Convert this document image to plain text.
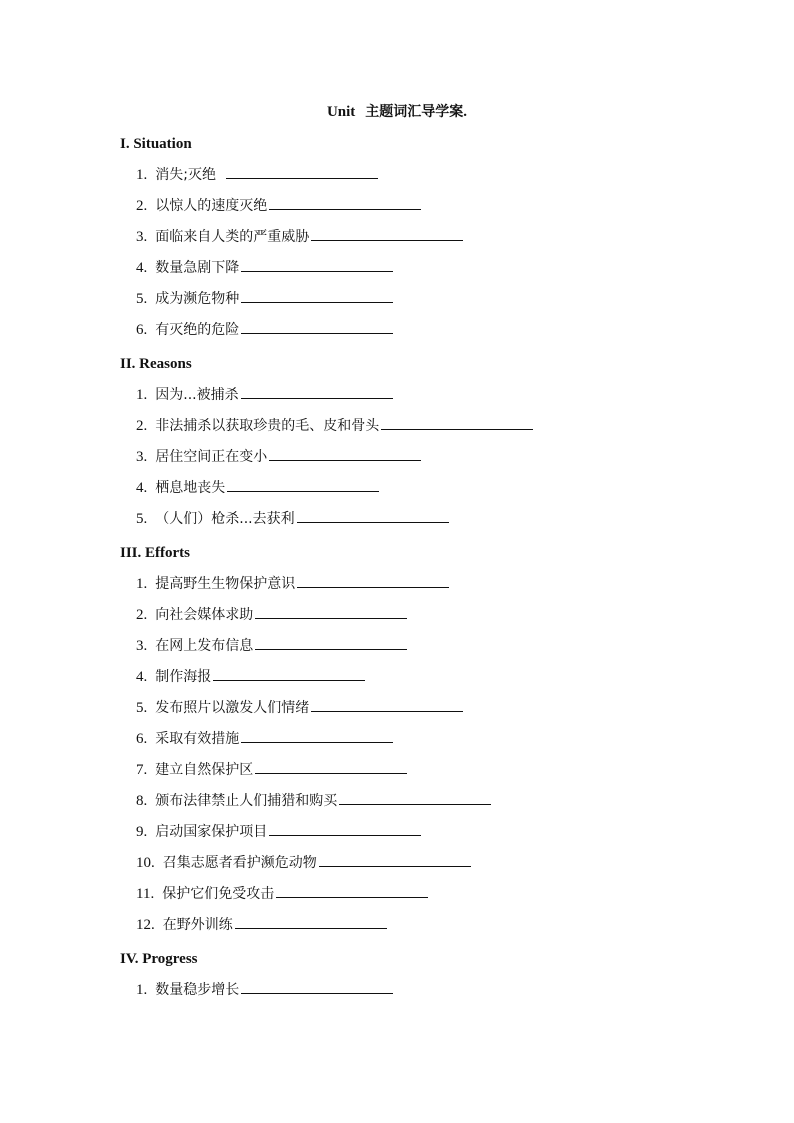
Unit 主题词汇导学案.
I. Situation
1. 消失;灭绝
2. 以惊人的速度灭绝
3. 面临来自人类的严重威胁
4. 数量急剧下降
5. 成为濒危物种
6. 有灭绝的危险
II. Reasons
1. 因为...被捕杀
2. 非法捕杀以获取珍贵的毛、皮和骨头
3. 居住空间正在变小
4. 栖息地丧失
5. （人们）枪杀...去获利
III. Efforts
1. 提高野生生物保护意识
2. 向社会媒体求助
3. 在网上发布信息
4. 制作海报
5. 发布照片以激发人们情绪
6. 采取有效措施
7. 建立自然保护区
8. 颁布法律禁止人们捕猎和购买
9. 启动国家保护项目
10. 召集志愿者看护濒危动物
11. 保护它们免受攻击
12. 在野外训练
IV. Progress
1. 数量稳步增长
